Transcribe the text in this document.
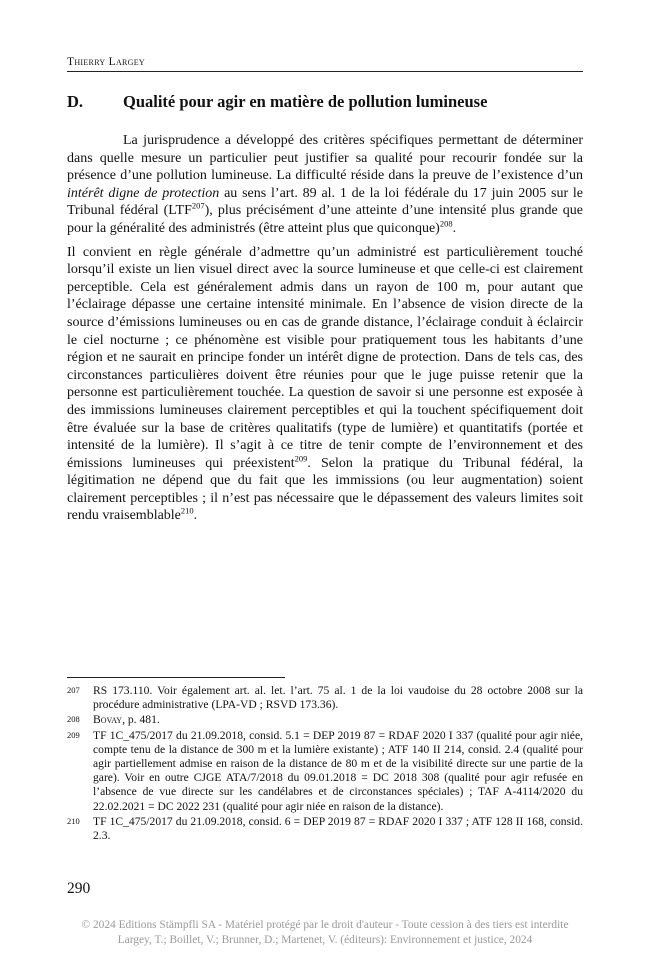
Thierry Largey
D. Qualité pour agir en matière de pollution lumineuse

La jurisprudence a développé des critères spécifiques permettant de déterminer dans quelle mesure un particulier peut justifier sa qualité pour recourir fondée sur la présence d’une pollution lumineuse. La difficulté réside dans la preuve de l’existence d’un intérêt digne de protection au sens l’art. 89 al. 1 de la loi fédérale du 17 juin 2005 sur le Tribunal fédéral (LTF$^{207}$), plus précisément d’une atteinte d’une intensité plus grande que pour la généralité des administrés (être atteint plus que quiconque)$^{208}$.

Il convient en règle générale d’admettre qu’un administré est particulièrement touché lorsqu’il existe un lien visuel direct avec la source lumineuse et que celle-ci est clairement perceptible. Cela est généralement admis dans un rayon de 100 m, pour autant que l’éclairage dépasse une certaine intensité minimale. En l’absence de vision directe de la source d’émissions lumineuses ou en cas de grande distance, l’éclairage conduit à éclaircir le ciel nocturne ; ce phénomène est visible pour pratiquement tous les habitants d’une région et ne saurait en principe fonder un intérêt digne de protection. Dans de tels cas, des circonstances particulières doivent être réunies pour que le juge puisse retenir que la personne est particulièrement touchée. La question de savoir si une personne est exposée à des immissions lumineuses clairement perceptibles et qui la touchent spécifiquement doit être évaluée sur la base de critères qualitatifs (type de lumière) et quantitatifs (portée et intensité de la lumière). Il s’agit à ce titre de tenir compte de l’environnement et des émissions lumineuses qui préexistent$^{209}$. Selon la pratique du Tribunal fédéral, la légitimation ne dépend que du fait que les immissions (ou leur augmentation) soient clairement perceptibles ; il n’est pas nécessaire que le dépassement des valeurs limites soit rendu vraisemblable$^{210}$.

207	RS 173.110. Voir également art. al. let. l’art. 75 al. 1 de la loi vaudoise du 28 octobre 2008 sur la procédure administrative (LPA-VD ; RSVD 173.36).
208	Bovay, p. 481.
209	TF 1C_475/2017 du 21.09.2018, consid. 5.1 = DEP 2019 87 = RDAF 2020 I 337 (qualité pour agir niée, compte tenu de la distance de 300 m et la lumière existante) ; ATF 140 II 214, consid. 2.4 (qualité pour agir partiellement admise en raison de la distance de 80 m et de la visibilité directe sur une partie de la gare). Voir en outre CJGE ATA/7/2018 du 09.01.2018 = DC 2018 308 (qualité pour agir refusée en l’absence de vue directe sur les candélabres et de circonstances spéciales) ; TAF A-4114/2020 du 22.02.2021 = DC 2022 231 (qualité pour agir niée en raison de la distance).
210	TF 1C_475/2017 du 21.09.2018, consid. 6 = DEP 2019 87 = RDAF 2020 I 337 ; ATF 128 II 168, consid. 2.3.
290
© 2024 Editions Stämpfli SA - Matériel protégé par le droit d'auteur - Toute cession à des tiers est interdite
Largey, T.; Boillet, V.; Brunner, D.; Martenet, V. (éditeurs): Environnement et justice, 2024
